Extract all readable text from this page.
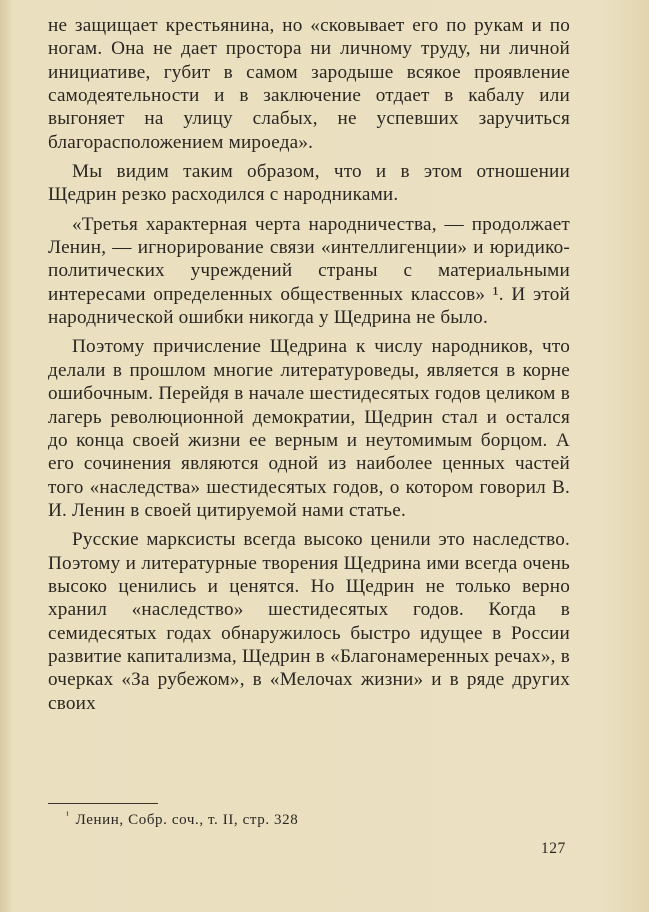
не защищает крестьянина, но «сковывает его по рукам и по ногам. Она не дает простора ни личному труду, ни личной инициативе, губит в самом зародыше всякое проявление самодеятельности и в заключение отдает в кабалу или выгоняет на улицу слабых, не успевших заручиться благорасположением мироеда».

Мы видим таким образом, что и в этом отношении Щедрин резко расходился с народниками.

«Третья характерная черта народничества, — продолжает Ленин, — игнорирование связи «интеллигенции» и юридико-политических учреждений страны с материальными интересами определенных общественных классов» ¹. И этой народнической ошибки никогда у Щедрина не было.

Поэтому причисление Щедрина к числу народников, что делали в прошлом многие литературоведы, является в корне ошибочным. Перейдя в начале шестидесятых годов целиком в лагерь революционной демократии, Щедрин стал и остался до конца своей жизни ее верным и неутомимым борцом. А его сочинения являются одной из наиболее ценных частей того «наследства» шестидесятых годов, о котором говорил В. И. Ленин в своей цитируемой нами статье.

Русские марксисты всегда высоко ценили это наследство. Поэтому и литературные творения Щедрина ими всегда очень высоко ценились и ценятся. Но Щедрин не только верно хранил «наследство» шестидесятых годов. Когда в семидесятых годах обнаружилось быстро идущее в России развитие капитализма, Щедрин в «Благонамеренных речах», в очерках «За рубежом», в «Мелочах жизни» и в ряде других своих

$^{^1}$ Ленин, Собр. соч., т. II, стр. 328
127
